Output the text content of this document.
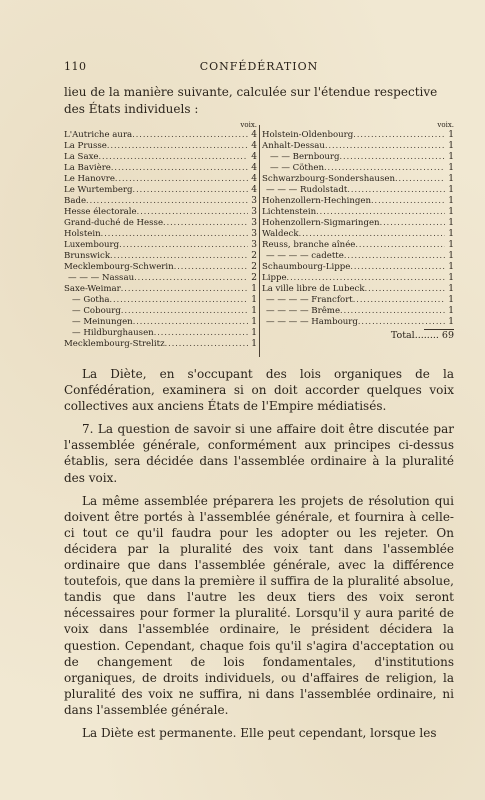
110	CONFÉDÉRATION

lieu de la manière suivante, calculée sur l'étendue respective des États individuels :

voix.
L'Autriche aura .....	4
La Prusse .....	4
La Saxe .....	4
La Bavière .....	4
Le Hanovre .....	4
Le Wurtemberg .....	4
Bade .....	3
Hesse électorale .....	3
Grand-duché de Hesse .....	3
Holstein .....	3
Luxembourg .....	3
Brunswick .....	2
Mecklembourg-Schwerin .....	2
— — — Nassau .....	2
Saxe-Weimar .....	1
— Gotha .....	1
— Cobourg .....	1
— Meinungen .....	1
— Hildburghausen .....	1
Mecklembourg-Strelitz .....	1
voix.
Holstein-Oldenbourg .....	1
Anhalt-Dessau .....	1
— — Bernbourg .....	1
— — Cöthen .....	1
Schwarzbourg-Sondershausen .....	1
— — — Rudolstadt .....	1
Hohenzollern-Hechingen .....	1
Lichtenstein .....	1
Hohenzollern-Sigmaringen .....	1
Waldeck .....	1
Reuss, branche aînée .....	1
— — — — cadette .....	1
Schaumbourg-Lippe .....	1
Lippe .....	1
La ville libre de Lubeck .....	1
— — — — Francfort .....	1
— — — — Brême .....	1
— — — — Hambourg .....	1
Total ........ 69

La Diète, en s'occupant des lois organiques de la Confédération, examinera si on doit accorder quelques voix collectives aux anciens États de l'Empire médiatisés.

7. La question de savoir si une affaire doit être discutée par l'assemblée générale, conformément aux principes ci-dessus établis, sera décidée dans l'assemblée ordinaire à la pluralité des voix.

La même assemblée préparera les projets de résolution qui doivent être portés à l'assemblée générale, et fournira à celle-ci tout ce qu'il faudra pour les adopter ou les rejeter. On décidera par la pluralité des voix tant dans l'assemblée ordinaire que dans l'assemblée générale, avec la différence toutefois, que dans la première il suffira de la pluralité absolue, tandis que dans l'autre les deux tiers des voix seront nécessaires pour former la pluralité. Lorsqu'il y aura parité de voix dans l'assemblée ordinaire, le président décidera la question. Cependant, chaque fois qu'il s'agira d'acceptation ou de changement de lois fondamentales, d'institutions organiques, de droits individuels, ou d'affaires de religion, la pluralité des voix ne suffira, ni dans l'assemblée ordinaire, ni dans l'assemblée générale.

La Diète est permanente. Elle peut cependant, lorsque les
